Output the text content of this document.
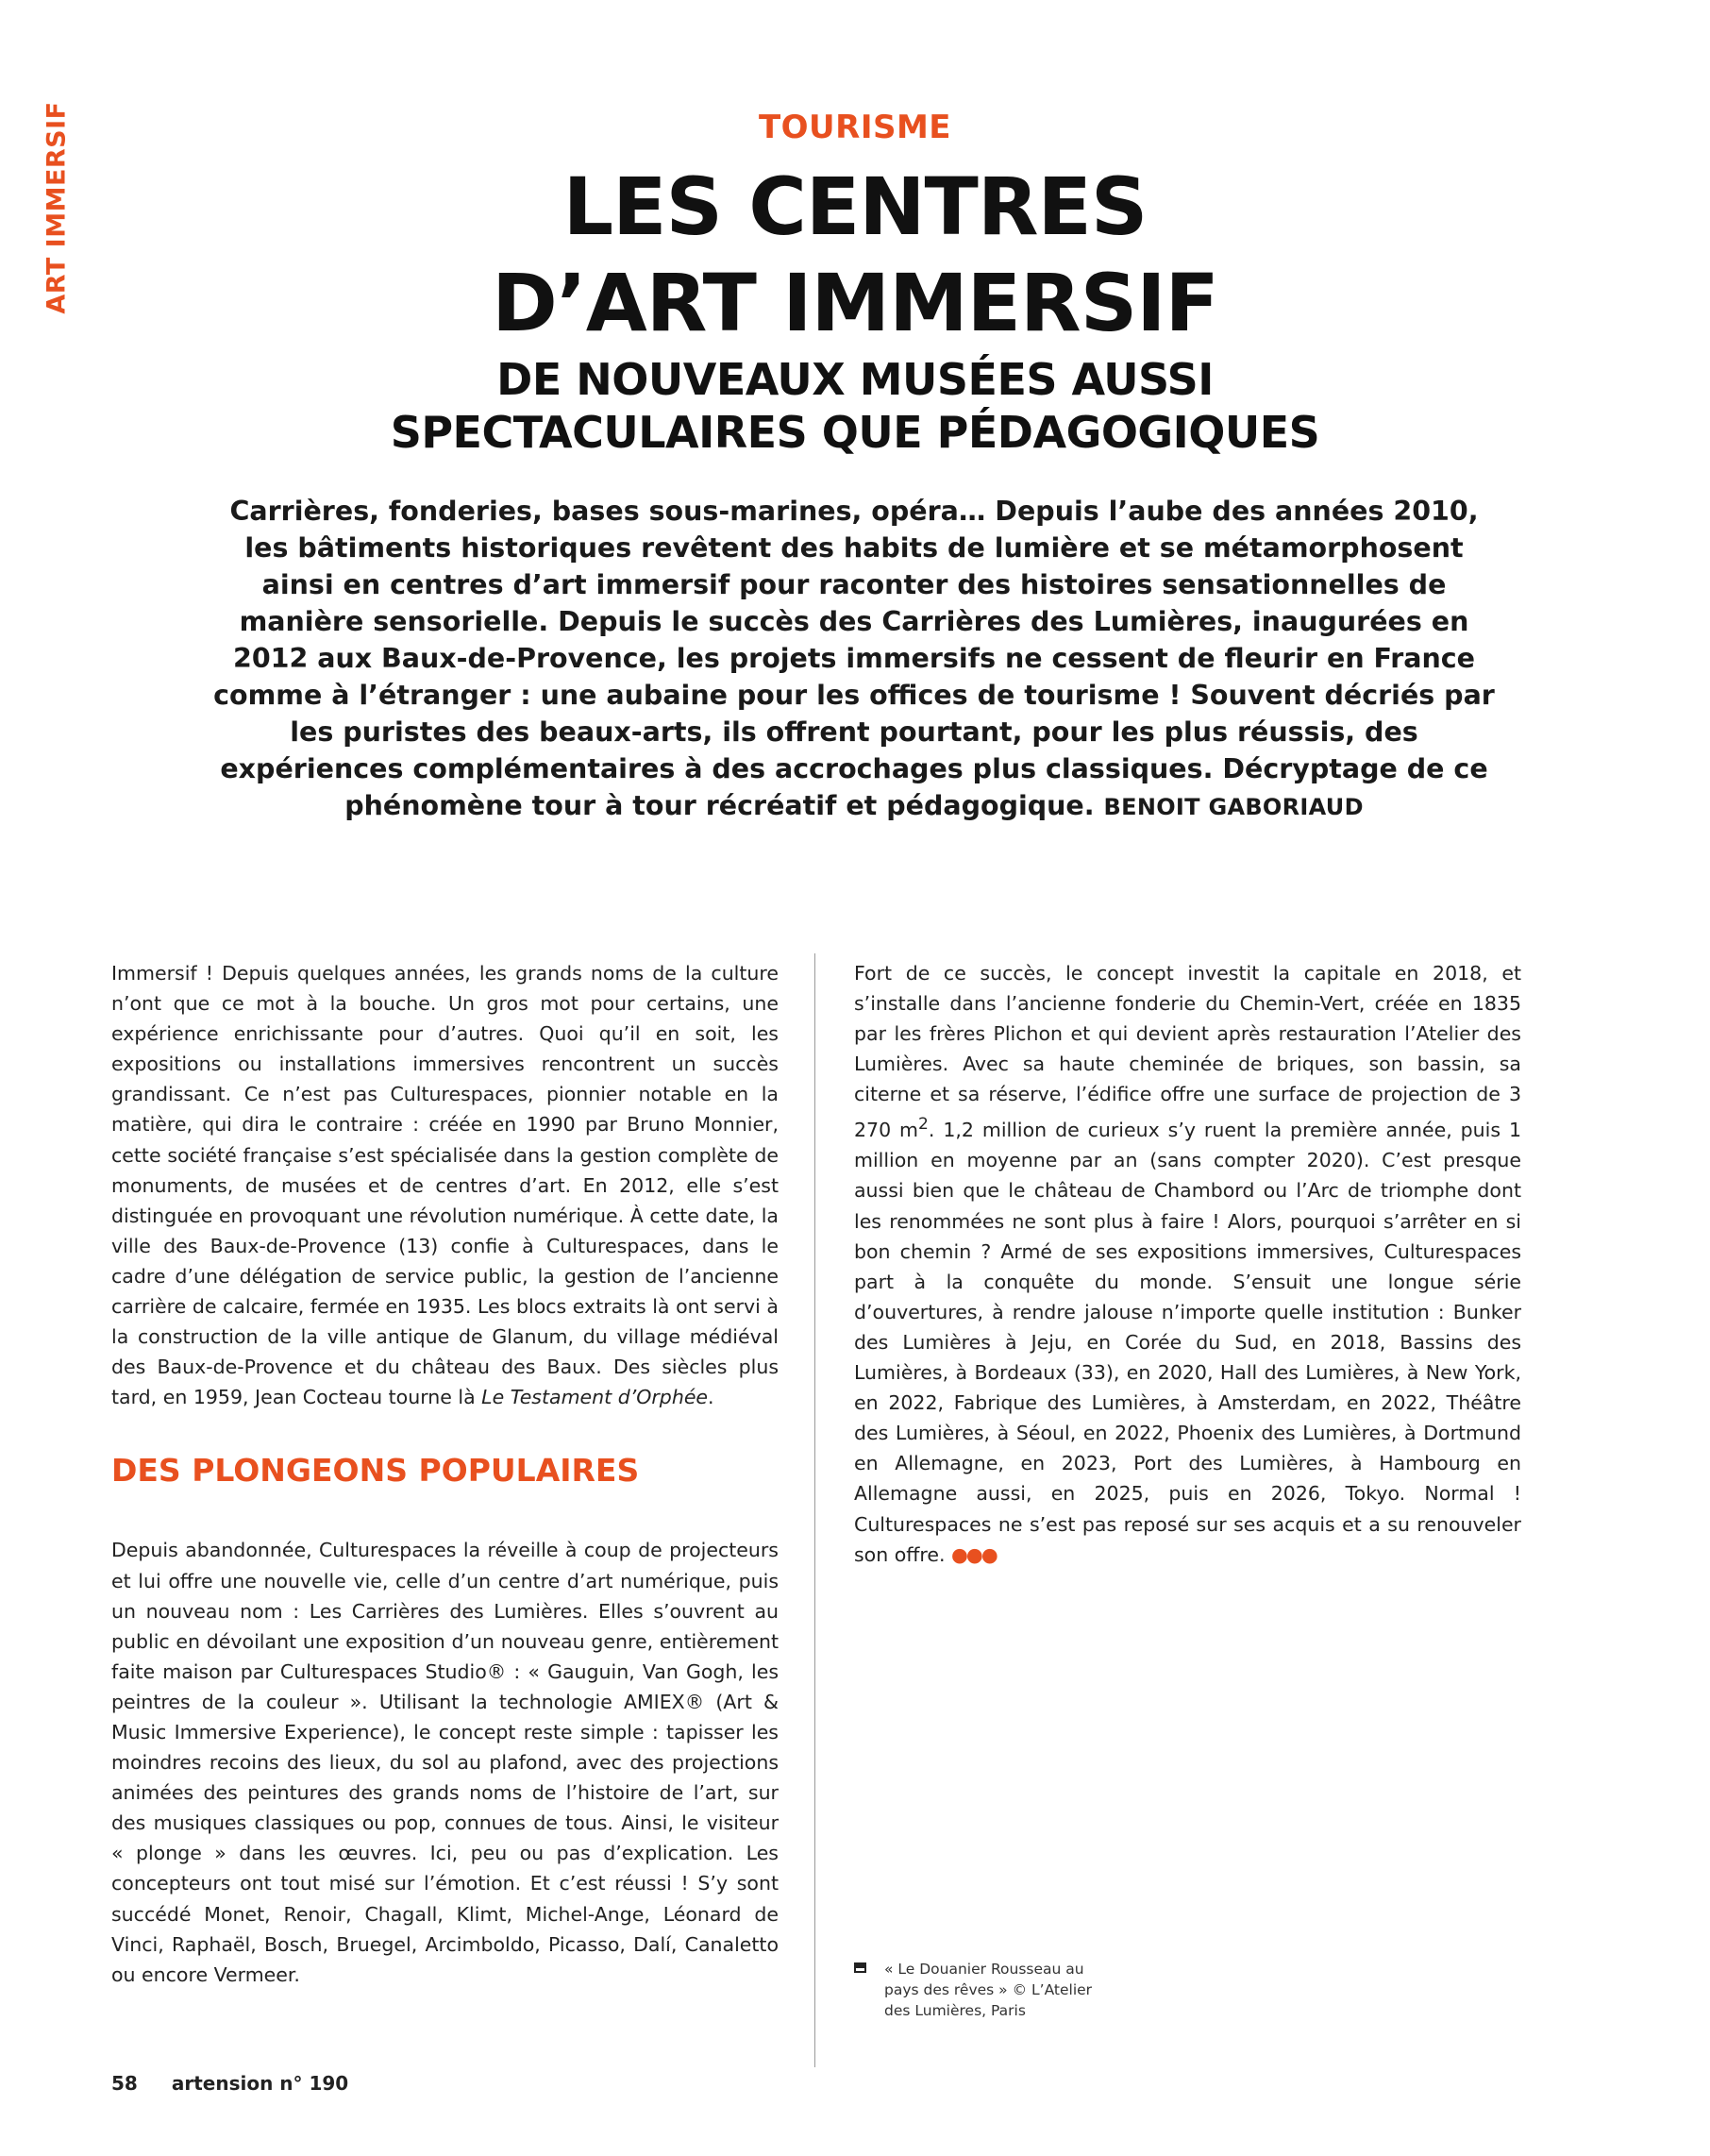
ART IMMERSIF	TOURISME
LES CENTRES
D’ART IMMERSIF
DE NOUVEAUX MUSÉES AUSSI
SPECTACULAIRES QUE PÉDAGOGIQUES
Carrières, fonderies, bases sous-marines, opéra… Depuis l’aube des années 2010, les bâtiments historiques revêtent des habits de lumière et se métamorphosent ainsi en centres d’art immersif pour raconter des histoires sensationnelles de manière sensorielle. Depuis le succès des Carrières des Lumières, inaugurées en 2012 aux Baux-de-Provence, les projets immersifs ne cessent de fleurir en France comme à l’étranger : une aubaine pour les offices de tourisme ! Souvent décriés par les puristes des beaux-arts, ils offrent pourtant, pour les plus réussis, des expériences complémentaires à des accrochages plus classiques. Décryptage de ce phénomène tour à tour récréatif et pédagogique. BENOIT GABORIAUD

Immersif ! Depuis quelques années, les grands noms de la culture n’ont que ce mot à la bouche. Un gros mot pour certains, une expérience enrichissante pour d’autres. Quoi qu’il en soit, les expositions ou installations immersives rencontrent un succès grandissant. Ce n’est pas Culturespaces, pionnier notable en la matière, qui dira le contraire : créée en 1990 par Bruno Monnier, cette société française s’est spécialisée dans la gestion complète de monuments, de musées et de centres d’art. En 2012, elle s’est distinguée en provoquant une révolution numérique. À cette date, la ville des Baux-de-Provence (13) confie à Culturespaces, dans le cadre d’une délégation de service public, la gestion de l’ancienne carrière de calcaire, fermée en 1935. Les blocs extraits là ont servi à la construction de la ville antique de Glanum, du village médiéval des Baux-de-Provence et du château des Baux. Des siècles plus tard, en 1959, Jean Cocteau tourne là Le Testament d’Orphée.

DES PLONGEONS POPULAIRES

Depuis abandonnée, Culturespaces la réveille à coup de projecteurs et lui offre une nouvelle vie, celle d’un centre d’art numérique, puis un nouveau nom : Les Carrières des Lumières. Elles s’ouvrent au public en dévoilant une exposition d’un nouveau genre, entièrement faite maison par Culturespaces Studio® : « Gauguin, Van Gogh, les peintres de la couleur ». Utilisant la technologie AMIEX® (Art & Music Immersive Experience), le concept reste simple : tapisser les moindres recoins des lieux, du sol au plafond, avec des projections animées des peintures des grands noms de l’histoire de l’art, sur des musiques classiques ou pop, connues de tous. Ainsi, le visiteur « plonge » dans les œuvres. Ici, peu ou pas d’explication. Les concepteurs ont tout misé sur l’émotion. Et c’est réussi ! S’y sont succédé Monet, Renoir, Chagall, Klimt, Michel-Ange, Léonard de Vinci, Raphaël, Bosch, Bruegel, Arcimboldo, Picasso, Dalí, Canaletto ou encore Vermeer.

Fort de ce succès, le concept investit la capitale en 2018, et s’installe dans l’ancienne fonderie du Chemin-Vert, créée en 1835 par les frères Plichon et qui devient après restauration l’Atelier des Lumières. Avec sa haute cheminée de briques, son bassin, sa citerne et sa réserve, l’édifice offre une surface de projection de 3 270 $m^2$. 1,2 million de curieux s’y ruent la première année, puis 1 million en moyenne par an (sans compter 2020). C’est presque aussi bien que le château de Chambord ou l’Arc de triomphe dont les renommées ne sont plus à faire ! Alors, pourquoi s’arrêter en si bon chemin ? Armé de ses expositions immersives, Culturespaces part à la conquête du monde. S’ensuit une longue série d’ouvertures, à rendre jalouse n’importe quelle institution : Bunker des Lumières à Jeju, en Corée du Sud, en 2018, Bassins des Lumières, à Bordeaux (33), en 2020, Hall des Lumières, à New York, en 2022, Fabrique des Lumières, à Amsterdam, en 2022, Théâtre des Lumières, à Séoul, en 2022, Phoenix des Lumières, à Dortmund en Allemagne, en 2023, Port des Lumières, à Hambourg en Allemagne aussi, en 2025, puis en 2026, Tokyo. Normal ! Culturespaces ne s’est pas reposé sur ses acquis et a su renouveler son offre. ●●●

« Le Douanier Rousseau au pays des rêves » © L’Atelier des Lumières, Paris
58 artension n° 190
